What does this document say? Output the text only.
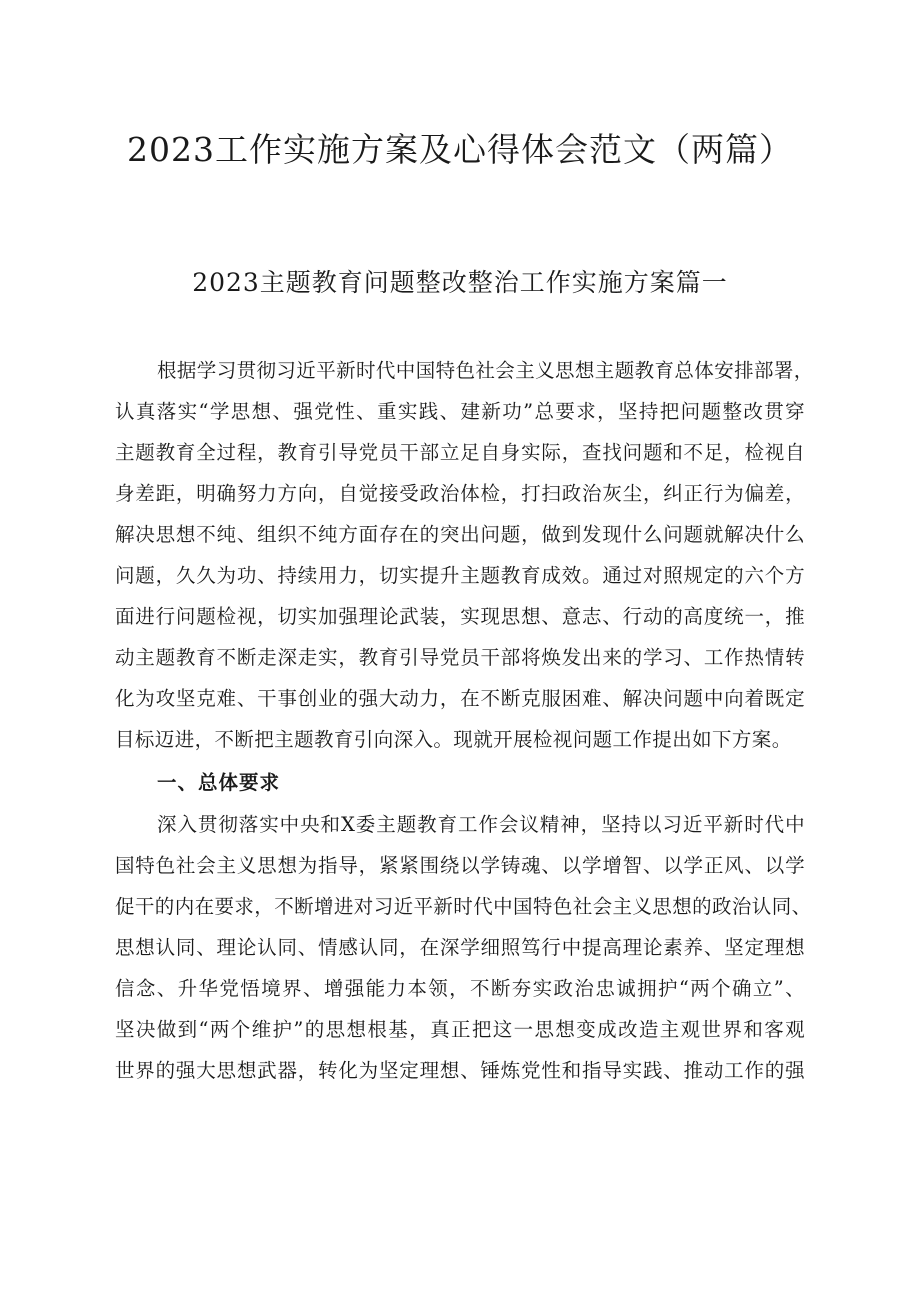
2023工作实施方案及心得体会范文（两篇）
2023主题教育问题整改整治工作实施方案篇一
根据学习贯彻习近平新时代中国特色社会主义思想主题教育总体安排部署，
认真落实“学思想、强党性、重实践、建新功”总要求，坚持把问题整改贯穿
主题教育全过程，教育引导党员干部立足自身实际，查找问题和不足，检视自
身差距，明确努力方向，自觉接受政治体检，打扫政治灰尘，纠正行为偏差，
解决思想不纯、组织不纯方面存在的突出问题，做到发现什么问题就解决什么
问题，久久为功、持续用力，切实提升主题教育成效。通过对照规定的六个方
面进行问题检视，切实加强理论武装，实现思想、意志、行动的高度统一，推
动主题教育不断走深走实，教育引导党员干部将焕发出来的学习、工作热情转
化为攻坚克难、干事创业的强大动力，在不断克服困难、解决问题中向着既定
目标迈进，不断把主题教育引向深入。现就开展检视问题工作提出如下方案。
一、总体要求
深入贯彻落实中央和X委主题教育工作会议精神，坚持以习近平新时代中
国特色社会主义思想为指导，紧紧围绕以学铸魂、以学增智、以学正风、以学
促干的内在要求，不断增进对习近平新时代中国特色社会主义思想的政治认同、
思想认同、理论认同、情感认同，在深学细照笃行中提高理论素养、坚定理想
信念、升华党悟境界、增强能力本领，不断夯实政治忠诚拥护“两个确立”、
坚决做到“两个维护”的思想根基，真正把这一思想变成改造主观世界和客观
世界的强大思想武器，转化为坚定理想、锤炼党性和指导实践、推动工作的强
